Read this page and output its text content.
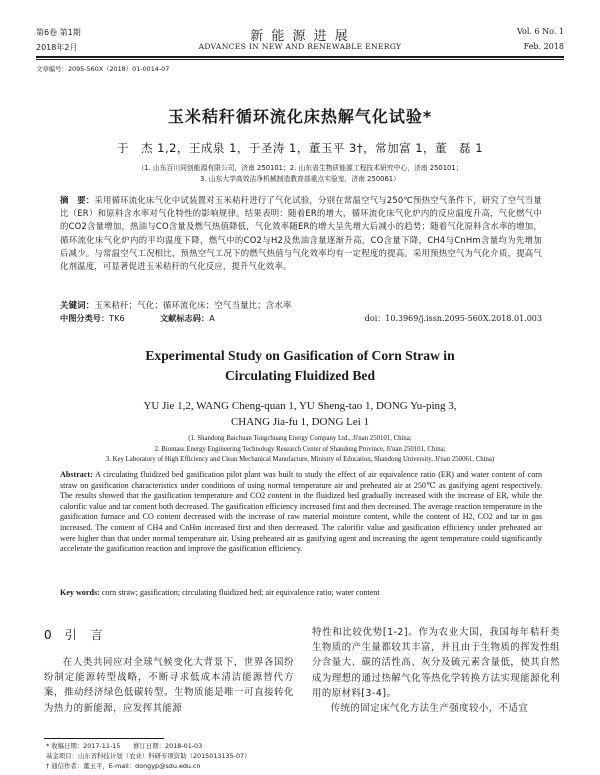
第6卷 第1期
2018年2月
新 能 源 进 展
ADVANCES IN NEW AND RENEWABLE ENERGY
Vol. 6 No. 1
Feb. 2018
文章编号：2095-560X（2018）01-0014-07
玉米秸秆循环流化床热解气化试验*
于　杰 1,2，王成泉 1，于圣涛 1，董玉平 3†，常加富 1，董　磊 1
（1. 山东百川同创能源有限公司，济南 250101；2. 山东省生物质能源工程技术研究中心，济南 250101；
3. 山东大学高效洁净机械制造教育部重点实验室，济南 250061）
摘　要：采用循环流化床气化中试装置对玉米秸秆进行了气化试验，分别在常温空气与250℃预热空气条件下，研究了空气当量比（ER）和原料含水率对气化特性的影响规律。结果表明：随着ER的增大，循环流化床气化炉内的反应温度升高，气化燃气中的CO2含量增加，热油与CO含量及燃气热值降低，气化效率随ER的增大呈先增大后减小的趋势；随着气化原料含水率的增加，循环流化床气化炉内的平均温度下降，燃气中的CO2与H2及焦油含量逐渐升高，CO含量下降，CH4与CnHm含量均为先增加后减少。与常温空气工况相比，预热空气工况下的燃气热值与气化效率均有一定程度的提高。采用预热空气为气化介质，提高气化剂温度，可显著促进玉米秸秆的气化反应，提升气化效率。
关键词：玉米秸秆；气化；循环流化床；空气当量比；含水率
中图分类号：TK6	文献标志码：A	doi：10.3969/j.issn.2095-560X.2018.01.003
Experimental Study on Gasification of Corn Straw in
Circulating Fluidized Bed
YU Jie 1,2, WANG Cheng-quan 1, YU Sheng-tao 1, DONG Yu-ping 3,
CHANG Jia-fu 1, DONG Lei 1
(1. Shandong Baichuan Tongchuang Energy Company Ltd., Ji'nan 250101, China;
2. Biomass Energy Engineering Technology Research Center of Shandong Province, Ji'nan 250101, China;
3. Key Laboratory of High Efficiency and Clean Mechanical Manufacture, Ministry of Education, Shandong University, Ji'nan 250061, China)
Abstract: A circulating fluidized bed gasification pilot plant was built to study the effect of air equivalence ratio (ER) and water content of corn straw on gasification characteristics under conditions of using normal temperature air and preheated air at 250℃ as gasifying agent respectively. The results showed that the gasification temperature and CO2 content in the fluidized bed gradually increased with the increase of ER, while the calorific value and tar content both decreased. The gasification efficiency increased first and then decreased. The average reaction temperature in the gasification furnace and CO content decreased with the increase of raw material moisture content, while the content of H2, CO2 and tar in gas increased. The content of CH4 and CnHm increased first and then decreased. The calorific value and gasification efficiency under preheated air were higher than that under normal temperature air. Using preheated air as gasifying agent and increasing the agent temperature could significantly accelerate the gasification reaction and improve the gasification efficiency.
Key words: corn straw; gasification; circulating fluidized bed; air equivalence ratio; water content
0 引　言
在人类共同应对全球气候变化大背景下，世界各国纷纷制定能源转型战略，不断寻求低成本清洁能源替代方案，推动经济绿色低碳转型。生物质能是唯一可直接转化为热力的新能源，应发挥其能源
特性和比较优势[1-2]。作为农业大国，我国每年秸秆类生物质的产生量都较其丰富，并且由于生物质的挥发性组分含量大、碳的活性高、灰分及硫元素含量低，使其自然成为理想的通过热解气化等热化学转换方法实现能源化利用的原材料[3-4]。
传统的固定床气化方法生产强度较小，不适宜
* 收稿日期：2017-11-15　　修订日期：2018-01-03
基金项目：山东省科技计划（农业）科研专项资助（2015013135-07）
† 通信作者：董玉平，E-mail：dongyp@sdu.edu.cn
